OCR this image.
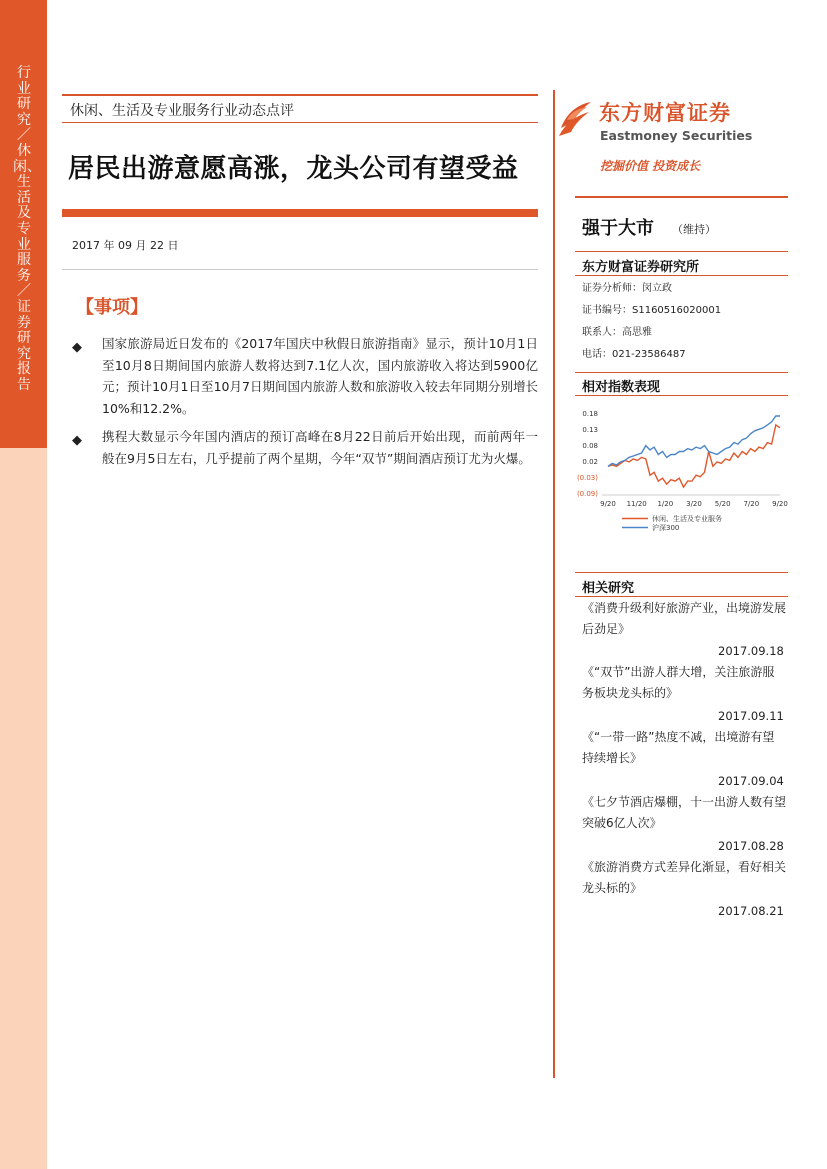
行业研究／休闲、生活及专业服务／证券研究报告
休闲、生活及专业服务行业动态点评
居民出游意愿高涨，龙头公司有望受益
2017 年 09 月 22 日
【事项】
◆ 国家旅游局近日发布的《2017年国庆中秋假日旅游指南》显示，预计10月1日至10月8日期间国内旅游人数将达到7.1亿人次，国内旅游收入将达到5900亿元；预计10月1日至10月7日期间国内旅游人数和旅游收入较去年同期分别增长10%和12.2%。
◆ 携程大数显示今年国内酒店的预订高峰在8月22日前后开始出现，而前两年一般在9月5日左右，几乎提前了两个星期，今年“双节”期间酒店预订尤为火爆。
东方财富证券
Eastmoney Securities
挖掘价值 投资成长
强于大市 （维持）
东方财富证券研究所
证券分析师：闵立政
证书编号：S1160516020001
联系人：高思雅
电话：021-23586487
相对指数表现
0.18
0.13
0.08
0.02
(0.03)
(0.09)
9/20 11/20 1/20 3/20 5/20 7/20 9/20
休闲、生活及专业服务
沪深300
相关研究
《消费升级利好旅游产业，出境游发展后劲足》
2017.09.18
《“双节”出游人群大增，关注旅游服务板块龙头标的》
2017.09.11
《“一带一路”热度不减，出境游有望持续增长》
2017.09.04
《七夕节酒店爆棚，十一出游人数有望突破6亿人次》
2017.08.28
《旅游消费方式差异化渐显，看好相关龙头标的》
2017.08.21
